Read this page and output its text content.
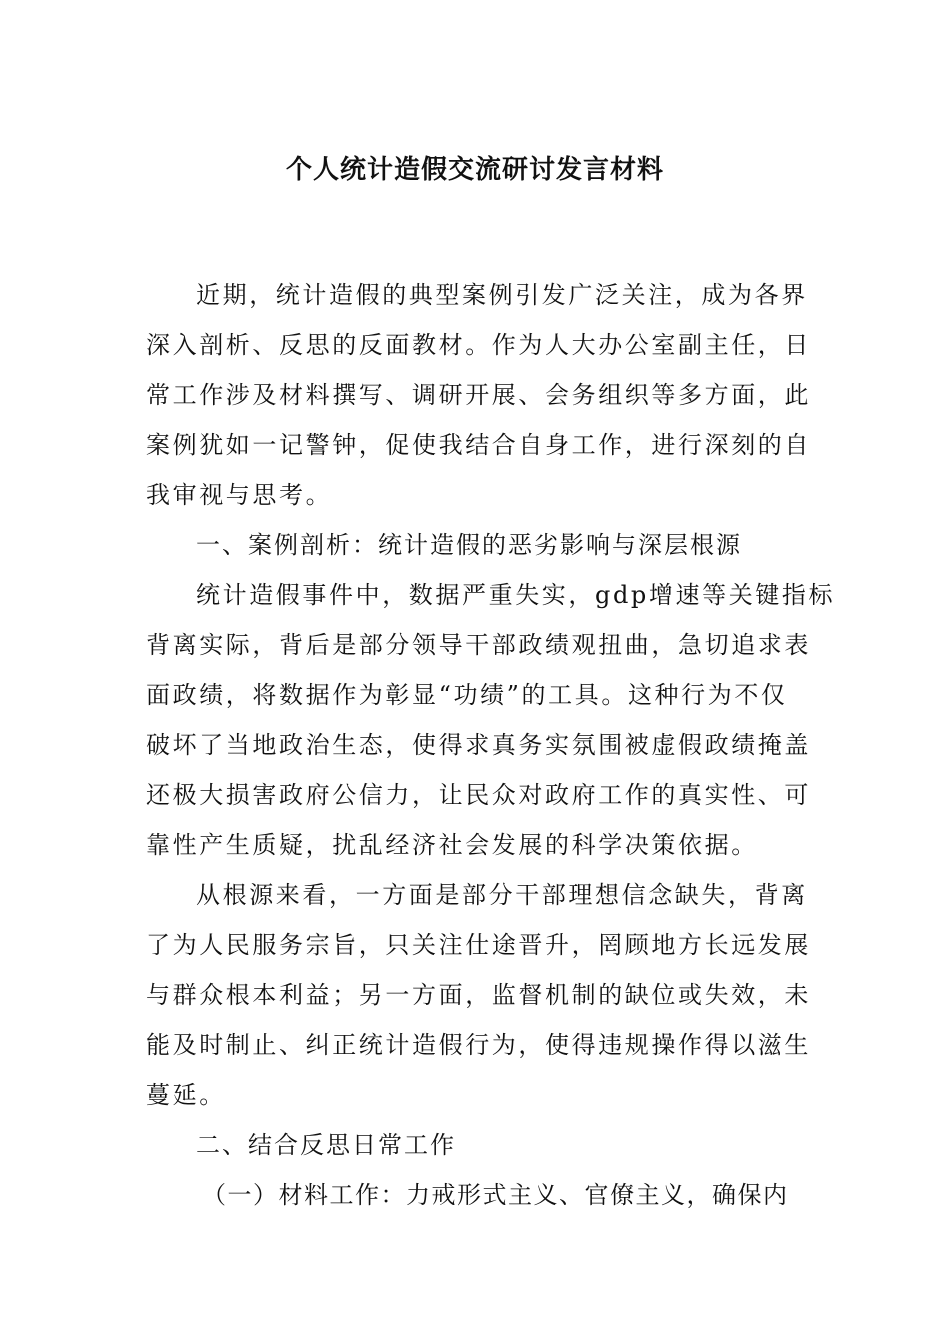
个人统计造假交流研讨发言材料

近期，统计造假的典型案例引发广泛关注，成为各界
深入剖析、反思的反面教材。作为人大办公室副主任，日
常工作涉及材料撰写、调研开展、会务组织等多方面，此
案例犹如一记警钟，促使我结合自身工作，进行深刻的自
我审视与思考。

一、案例剖析：统计造假的恶劣影响与深层根源

统计造假事件中，数据严重失实，gdp增速等关键指标
背离实际，背后是部分领导干部政绩观扭曲，急切追求表
面政绩，将数据作为彰显“功绩”的工具。这种行为不仅
破坏了当地政治生态，使得求真务实氛围被虚假政绩掩盖
还极大损害政府公信力，让民众对政府工作的真实性、可
靠性产生质疑，扰乱经济社会发展的科学决策依据。

从根源来看，一方面是部分干部理想信念缺失，背离
了为人民服务宗旨，只关注仕途晋升，罔顾地方长远发展
与群众根本利益；另一方面，监督机制的缺位或失效，未
能及时制止、纠正统计造假行为，使得违规操作得以滋生
蔓延。

二、结合反思日常工作

（一）材料工作：力戒形式主义、官僚主义，确保内
